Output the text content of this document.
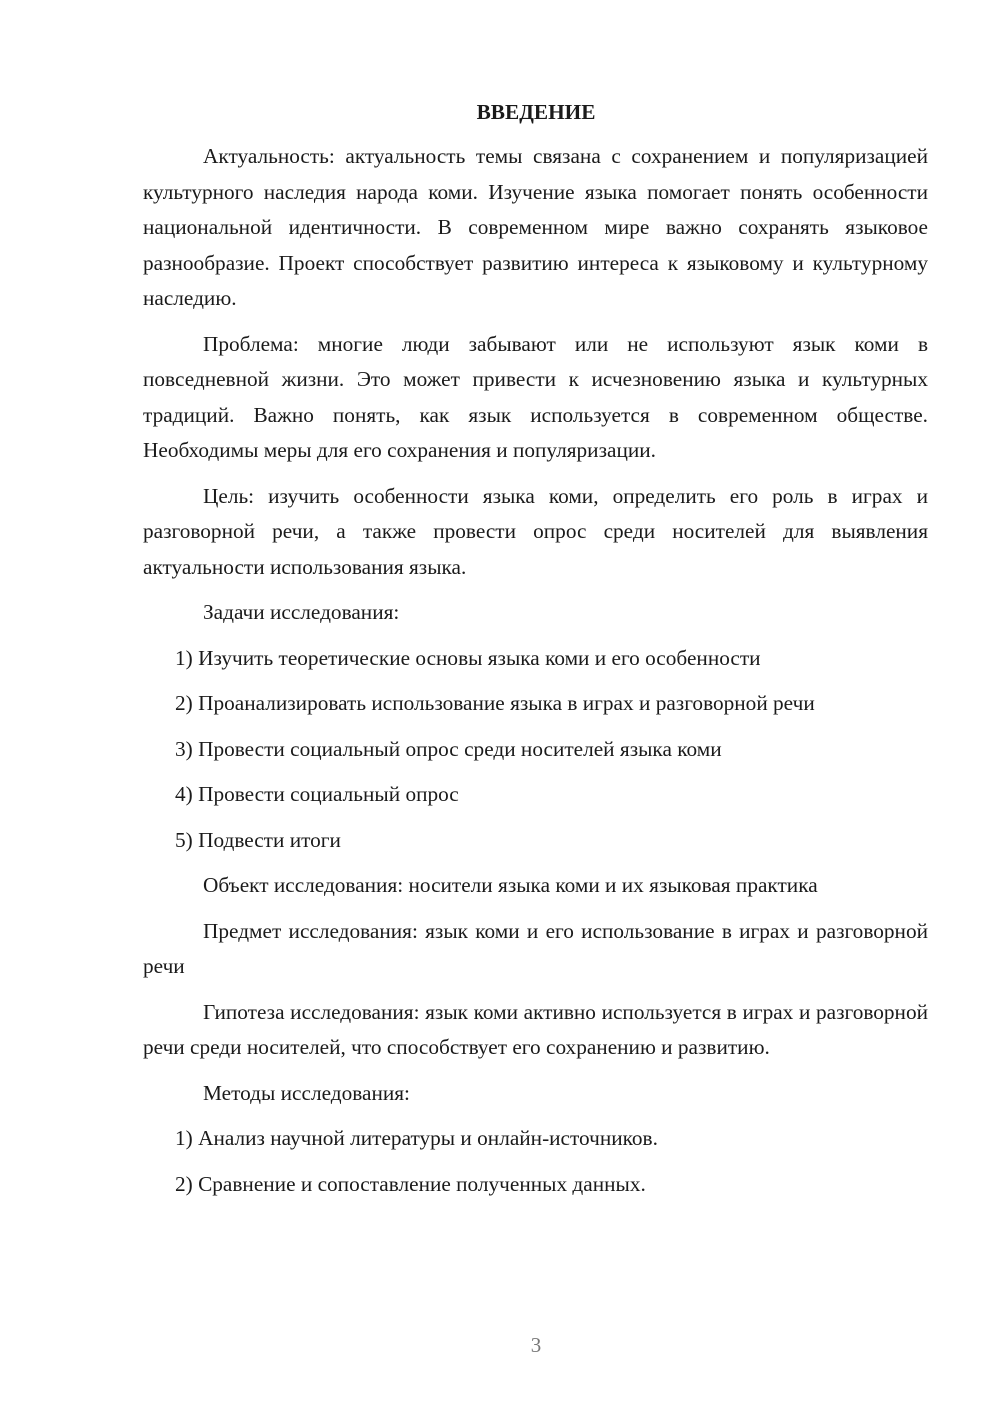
ВВЕДЕНИЕ

Актуальность: актуальность темы связана с сохранением и популяризацией культурного наследия народа коми. Изучение языка помогает понять особенности национальной идентичности. В современном мире важно сохранять языковое разнообразие. Проект способствует развитию интереса к языковому и культурному наследию.

Проблема: многие люди забывают или не используют язык коми в повседневной жизни. Это может привести к исчезновению языка и культурных традиций. Важно понять, как язык используется в современном обществе. Необходимы меры для его сохранения и популяризации.

Цель: изучить особенности языка коми, определить его роль в играх и разговорной речи, а также провести опрос среди носителей для выявления актуальности использования языка.

Задачи исследования:

1) Изучить теоретические основы языка коми и его особенности

2) Проанализировать использование языка в играх и разговорной речи

3) Провести социальный опрос среди носителей языка коми

4) Провести социальный опрос

5) Подвести итоги

Объект исследования: носители языка коми и их языковая практика

Предмет исследования: язык коми и его использование в играх и разговорной речи

Гипотеза исследования: язык коми активно используется в играх и разговорной речи среди носителей, что способствует его сохранению и развитию.

Методы исследования:

1) Анализ научной литературы и онлайн-источников.

2) Сравнение и сопоставление полученных данных.

3
